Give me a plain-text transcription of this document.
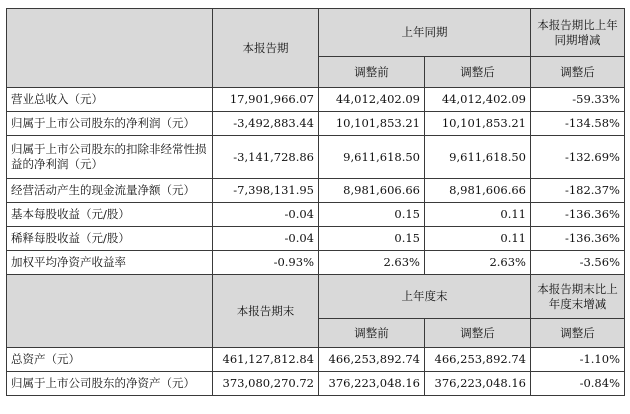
	本报告期	上年同期		本报告期比上年同期增减
		调整前	调整后	调整后
营业总收入（元）	17,901,966.07	44,012,402.09	44,012,402.09	-59.33%
归属于上市公司股东的净利润（元）	-3,492,883.44	10,101,853.21	10,101,853.21	-134.58%
归属于上市公司股东的扣除非经常性损益的净利润（元）	-3,141,728.86	9,611,618.50	9,611,618.50	-132.69%
经营活动产生的现金流量净额（元）	-7,398,131.95	8,981,606.66	8,981,606.66	-182.37%
基本每股收益（元/股）	-0.04	0.15	0.11	-136.36%
稀释每股收益（元/股）	-0.04	0.15	0.11	-136.36%
加权平均净资产收益率	-0.93%	2.63%	2.63%	-3.56%
	本报告期末	上年度末		本报告期末比上年度末增减
		调整前	调整后	调整后
总资产（元）	461,127,812.84	466,253,892.74	466,253,892.74	-1.10%
归属于上市公司股东的净资产（元）	373,080,270.72	376,223,048.16	376,223,048.16	-0.84%
